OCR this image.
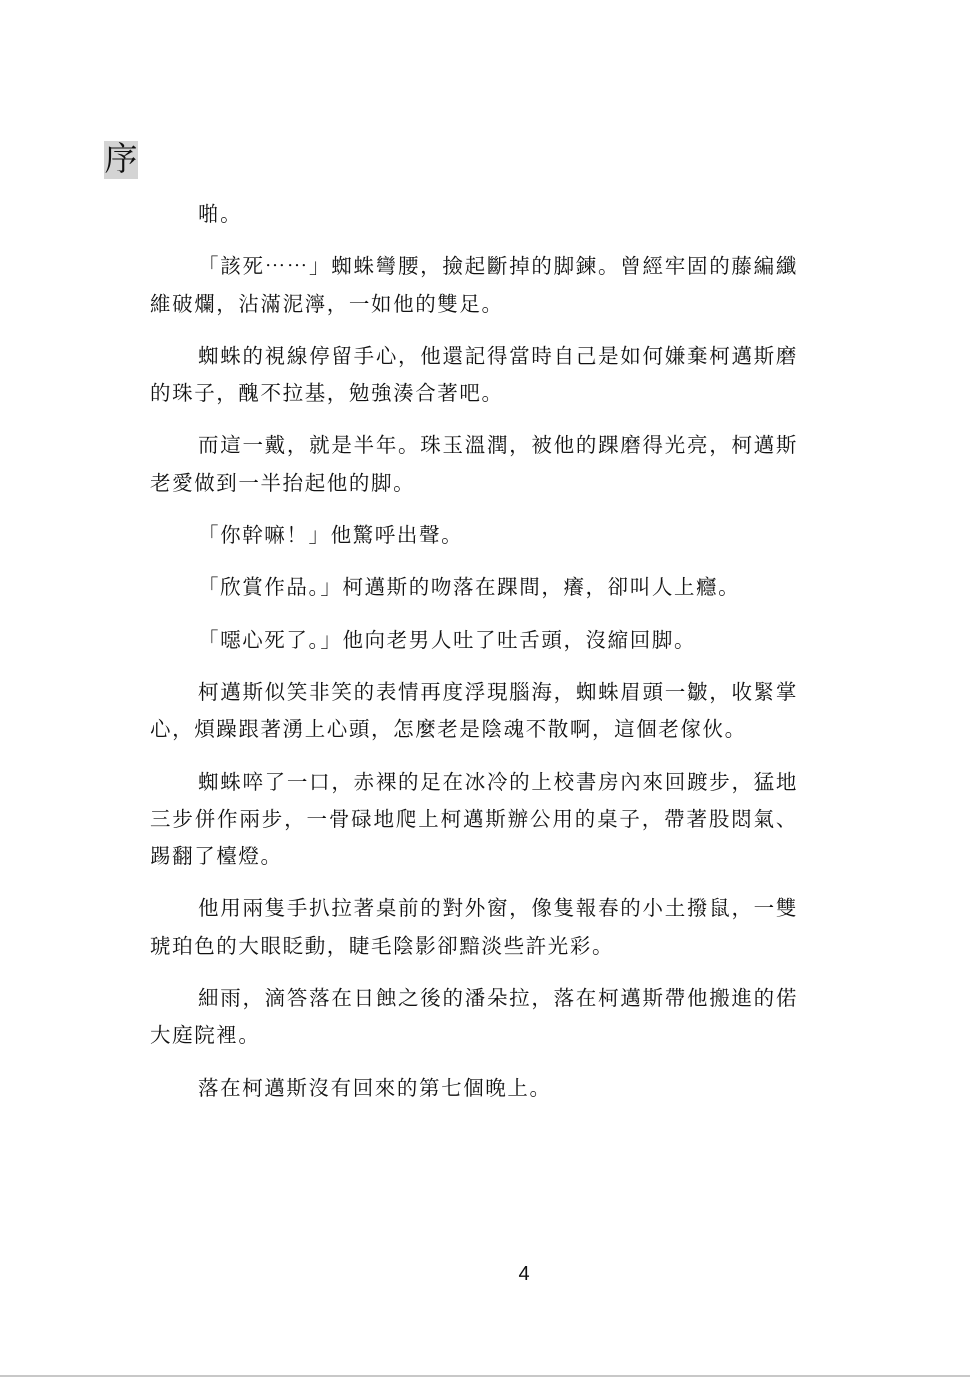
序
啪。
「該死⋯⋯」蜘蛛彎腰，撿起斷掉的脚鍊。曾經牢固的藤編纖
維破爛，沾滿泥濘，一如他的雙足。
蜘蛛的視線停留手心，他還記得當時自己是如何嫌棄柯邁斯磨
的珠子，醜不拉基，勉強湊合著吧。
而這一戴，就是半年。珠玉溫潤，被他的踝磨得光亮，柯邁斯
老愛做到一半抬起他的脚。
「你幹嘛！」他驚呼出聲。
「欣賞作品。」柯邁斯的吻落在踝間，癢，卻叫人上癮。
「噁心死了。」他向老男人吐了吐舌頭，沒縮回脚。
柯邁斯似笑非笑的表情再度浮現腦海，蜘蛛眉頭一皺，收緊掌
心，煩躁跟著湧上心頭，怎麼老是陰魂不散啊，這個老傢伙。
蜘蛛啐了一口，赤裸的足在冰冷的上校書房內來回踱步，猛地
三步併作兩步，一骨碌地爬上柯邁斯辦公用的桌子，帶著股悶氣、
踢翻了檯燈。
他用兩隻手扒拉著桌前的對外窗，像隻報春的小土撥鼠，一雙
琥珀色的大眼眨動，睫毛陰影卻黯淡些許光彩。
細雨，滴答落在日蝕之後的潘朵拉，落在柯邁斯帶他搬進的偌
大庭院裡。
落在柯邁斯沒有回來的第七個晚上。
4
